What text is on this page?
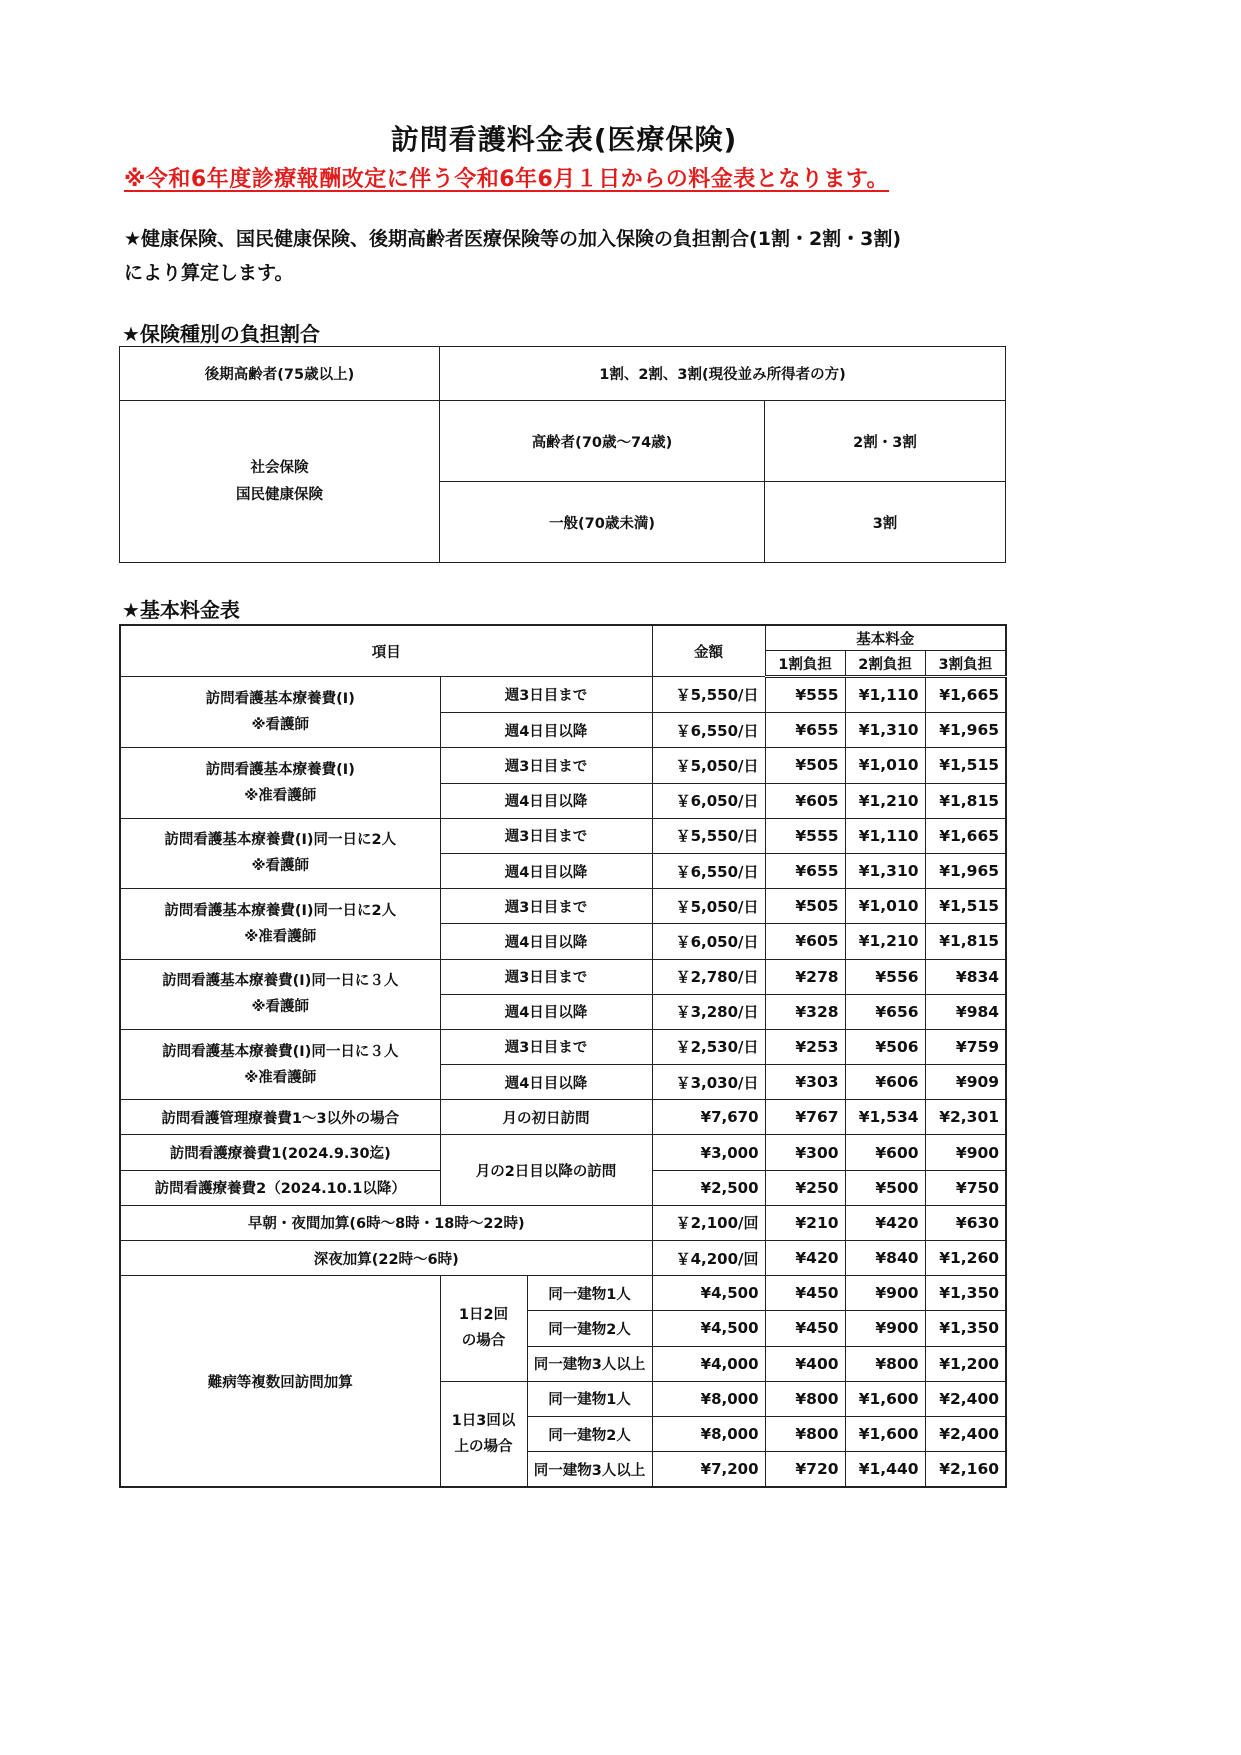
訪問看護料金表(医療保険)
※令和6年度診療報酬改定に伴う令和6年6月１日からの料金表となります。
★健康保険、国民健康保険、後期高齢者医療保険等の加入保険の負担割合(1割・2割・3割)
により算定します。
★保険種別の負担割合
後期高齢者(75歳以上)	1割、2割、3割(現役並み所得者の方)	

社会保険
国民健康保険	高齢者(70歳～74歳)	2割・3割
	一般(70歳未満)	3割
★基本料金表
項目			金額	基本料金		
				1割負担	2割負担	3割負担

訪問看護基本療養費(Ⅰ)
※看護師	週3日目まで		￥5,550/日	¥555	¥1,110	¥1,665
	週4日目以降		￥6,550/日	¥655	¥1,310	¥1,965

訪問看護基本療養費(Ⅰ)
※准看護師	週3日目まで		￥5,050/日	¥505	¥1,010	¥1,515
	週4日目以降		￥6,050/日	¥605	¥1,210	¥1,815

訪問看護基本療養費(Ⅰ)同一日に2人
※看護師	週3日目まで		￥5,550/日	¥555	¥1,110	¥1,665
	週4日目以降		￥6,550/日	¥655	¥1,310	¥1,965

訪問看護基本療養費(Ⅰ)同一日に2人
※准看護師	週3日目まで		￥5,050/日	¥505	¥1,010	¥1,515
	週4日目以降		￥6,050/日	¥605	¥1,210	¥1,815

訪問看護基本療養費(Ⅰ)同一日に３人
※看護師	週3日目まで		￥2,780/日	¥278	¥556	¥834
	週4日目以降		￥3,280/日	¥328	¥656	¥984

訪問看護基本療養費(Ⅰ)同一日に３人
※准看護師	週3日目まで		￥2,530/日	¥253	¥506	¥759
	週4日目以降		￥3,030/日	¥303	¥606	¥909
訪問看護管理療養費1～3以外の場合	月の初日訪問		¥7,670	¥767	¥1,534	¥2,301
訪問看護療養費1(2024.9.30迄)	月の2日目以降の訪問		¥3,000	¥300	¥600	¥900
訪問看護療養費2（2024.10.1以降）			¥2,500	¥250	¥500	¥750
早朝・夜間加算(6時～8時・18時～22時)			￥2,100/回	¥210	¥420	¥630
深夜加算(22時～6時)			￥4,200/回	¥420	¥840	¥1,260
難病等複数回訪問加算	1日2回
の場合	同一建物1人	¥4,500	¥450	¥900	¥1,350
		同一建物2人	¥4,500	¥450	¥900	¥1,350
		同一建物3人以上	¥4,000	¥400	¥800	¥1,200

	1日3回以
上の場合	同一建物1人	¥8,000	¥800	¥1,600	¥2,400
		同一建物2人	¥8,000	¥800	¥1,600	¥2,400
		同一建物3人以上	¥7,200	¥720	¥1,440	¥2,160
